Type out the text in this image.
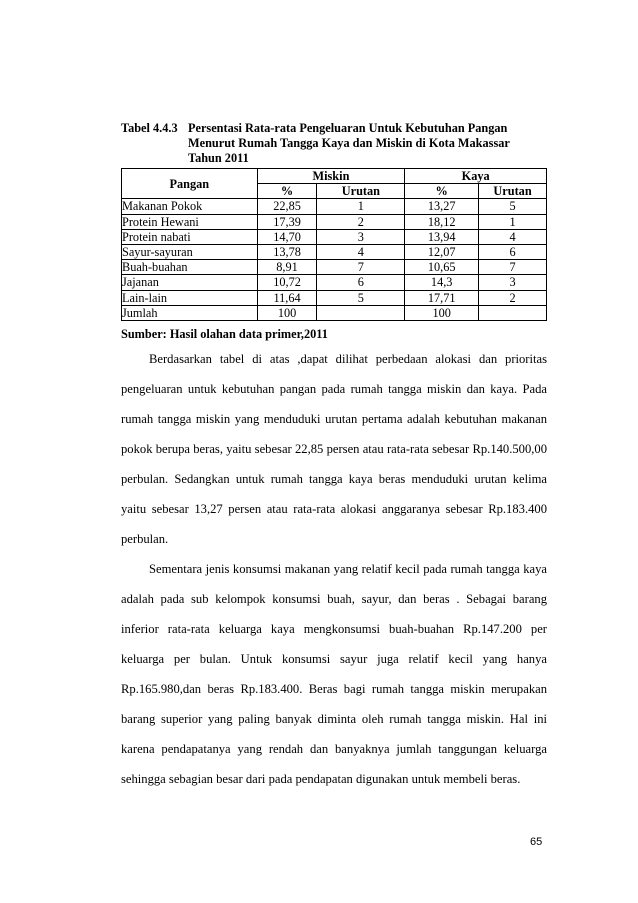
Tabel 4.4.3 Persentasi Rata-rata Pengeluaran Untuk Kebutuhan Pangan
Menurut Rumah Tangga Kaya dan Miskin di Kota Makassar
Tahun 2011
Pangan	Miskin		Kaya	
	%	Urutan	%	Urutan
Makanan Pokok	22,85	1	13,27	5
Protein Hewani	17,39	2	18,12	1
Protein nabati	14,70	3	13,94	4
Sayur-sayuran	13,78	4	12,07	6
Buah-buahan	8,91	7	10,65	7
Jajanan	10,72	6	14,3	3
Lain-lain	11,64	5	17,71	2
Jumlah	100		100	
Sumber: Hasil olahan data primer,2011

Berdasarkan tabel di atas ,dapat dilihat perbedaan alokasi dan prioritas pengeluaran untuk kebutuhan pangan pada rumah tangga miskin dan kaya. Pada rumah tangga miskin yang menduduki urutan pertama adalah kebutuhan makanan pokok berupa beras, yaitu sebesar 22,85 persen atau rata-rata sebesar Rp.140.500,00 perbulan. Sedangkan untuk rumah tangga kaya beras menduduki urutan kelima yaitu sebesar 13,27 persen atau rata-rata alokasi anggaranya sebesar Rp.183.400 perbulan.

Sementara jenis konsumsi makanan yang relatif kecil pada rumah tangga kaya adalah pada sub kelompok konsumsi buah, sayur, dan beras . Sebagai barang inferior rata-rata keluarga kaya mengkonsumsi buah-buahan Rp.147.200 per keluarga per bulan. Untuk konsumsi sayur juga relatif kecil yang hanya Rp.165.980,dan beras Rp.183.400. Beras bagi rumah tangga miskin merupakan barang superior yang paling banyak diminta oleh rumah tangga miskin. Hal ini karena pendapatanya yang rendah dan banyaknya jumlah tanggungan keluarga sehingga sebagian besar dari pada pendapatan digunakan untuk membeli beras.

65
